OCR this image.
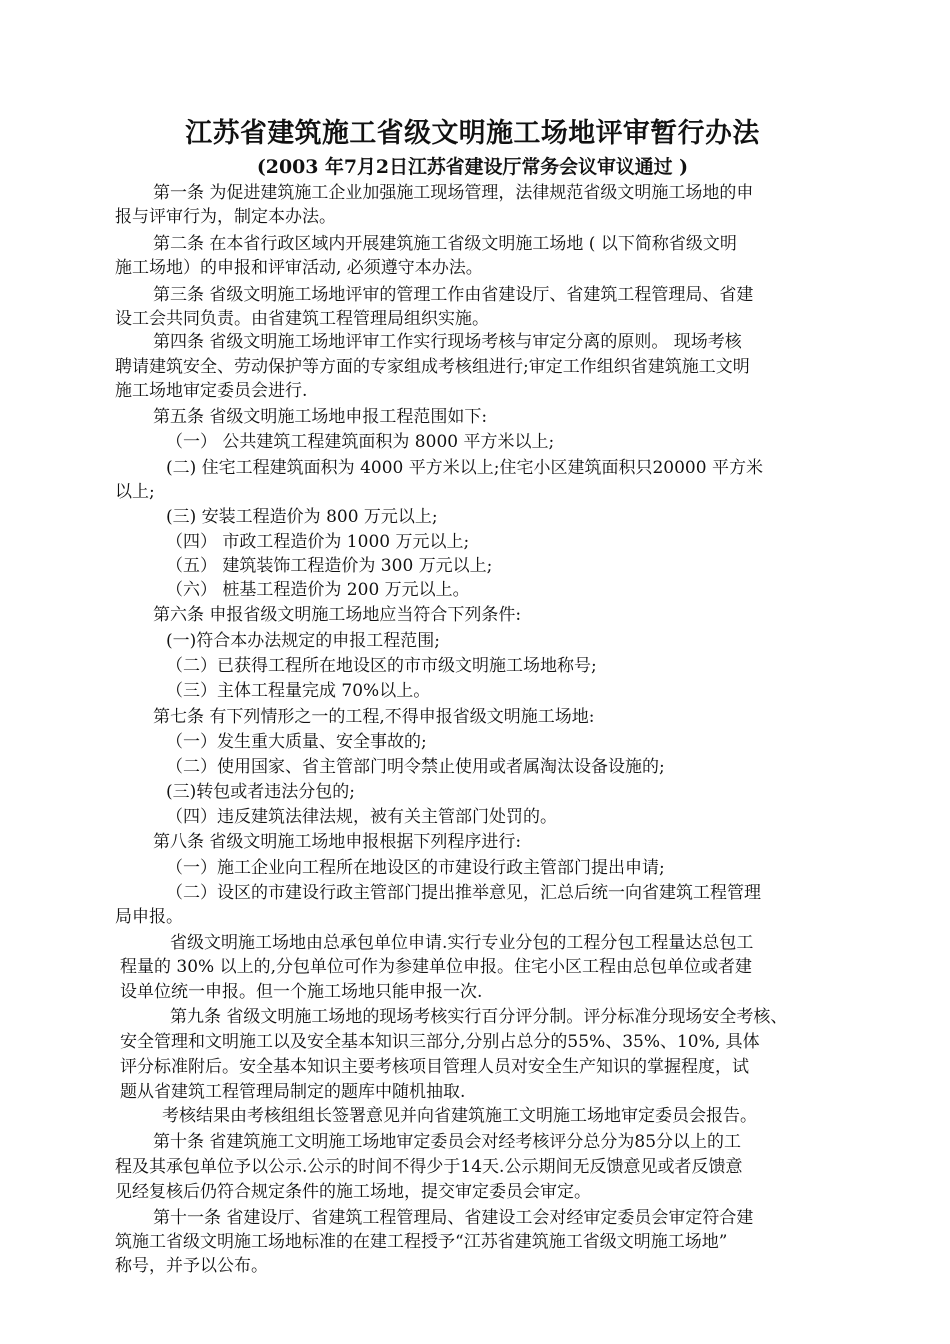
江苏省建筑施工省级文明施工场地评审暂行办法
(2003 年7月2日江苏省建设厅常务会议审议通过 )
第一条 为促进建筑施工企业加强施工现场管理，法律规范省级文明施工场地的申
报与评审行为，制定本办法。
第二条 在本省行政区域内开展建筑施工省级文明施工场地 ( 以下简称省级文明
施工场地）的申报和评审活动, 必须遵守本办法。
第三条 省级文明施工场地评审的管理工作由省建设厅、省建筑工程管理局、省建
设工会共同负责。由省建筑工程管理局组织实施。
第四条 省级文明施工场地评审工作实行现场考核与审定分离的原则。 现场考核
聘请建筑安全、劳动保护等方面的专家组成考核组进行;审定工作组织省建筑施工文明
施工场地审定委员会进行.
第五条 省级文明施工场地申报工程范围如下:
（一） 公共建筑工程建筑面积为 8000 平方米以上;
(二) 住宅工程建筑面积为 4000 平方米以上;住宅小区建筑面积只20000 平方米
以上;
(三) 安装工程造价为 800 万元以上;
（四） 市政工程造价为 1000 万元以上;
（五） 建筑装饰工程造价为 300 万元以上;
（六） 桩基工程造价为 200 万元以上。
第六条 申报省级文明施工场地应当符合下列条件:
(一)符合本办法规定的申报工程范围;
（二）已获得工程所在地设区的市市级文明施工场地称号;
（三）主体工程量完成 70%以上。
第七条 有下列情形之一的工程,不得申报省级文明施工场地:
（一）发生重大质量、安全事故的;
（二）使用国家、省主管部门明令禁止使用或者属淘汰设备设施的;
(三)转包或者违法分包的;
（四）违反建筑法律法规，被有关主管部门处罚的。
第八条 省级文明施工场地申报根据下列程序进行:
（一）施工企业向工程所在地设区的市建设行政主管部门提出申请;
（二）设区的市建设行政主管部门提出推举意见，汇总后统一向省建筑工程管理
局申报。
省级文明施工场地由总承包单位申请.实行专业分包的工程分包工程量达总包工
程量的 30% 以上的,分包单位可作为参建单位申报。住宅小区工程由总包单位或者建
设单位统一申报。但一个施工场地只能申报一次.
第九条 省级文明施工场地的现场考核实行百分评分制。评分标准分现场安全考核、
安全管理和文明施工以及安全基本知识三部分,分别占总分的55%、35%、10%, 具体
评分标准附后。安全基本知识主要考核项目管理人员对安全生产知识的掌握程度，试
题从省建筑工程管理局制定的题库中随机抽取.
考核结果由考核组组长签署意见并向省建筑施工文明施工场地审定委员会报告。
第十条 省建筑施工文明施工场地审定委员会对经考核评分总分为85分以上的工
程及其承包单位予以公示.公示的时间不得少于14天.公示期间无反馈意见或者反馈意
见经复核后仍符合规定条件的施工场地，提交审定委员会审定。
第十一条 省建设厅、省建筑工程管理局、省建设工会对经审定委员会审定符合建
筑施工省级文明施工场地标准的在建工程授予“江苏省建筑施工省级文明施工场地”
称号，并予以公布。
